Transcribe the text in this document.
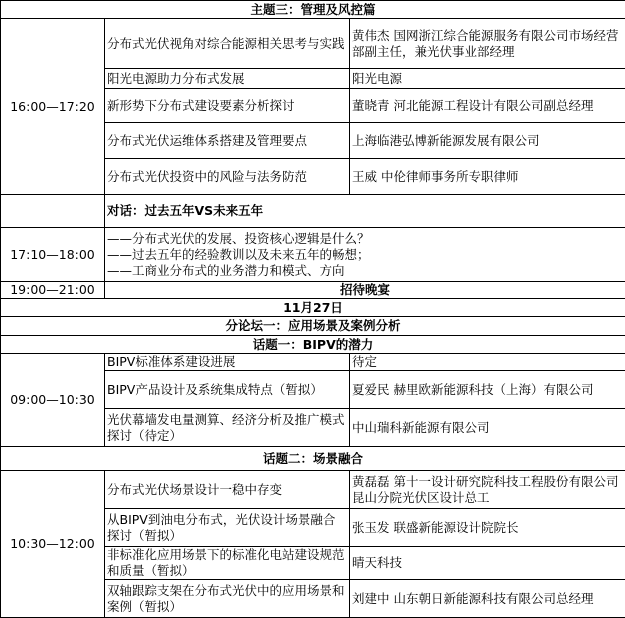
主题三：管理及风控篇		
16:00—17:20	分布式光伏视角对综合能源相关思考与实践	黄伟杰 国网浙江综合能源服务有限公司市场经营部副主任，兼光伏事业部经理
	阳光电源助力分布式发展	阳光电源
	新形势下分布式建设要素分析探讨	董晓青 河北能源工程设计有限公司副总经理
	分布式光伏运维体系搭建及管理要点	上海临港弘博新能源发展有限公司
	分布式光伏投资中的风险与法务防范	王威 中伦律师事务所专职律师
	对话：过去五年VS未来五年	
17:10—18:00	——分布式光伏的发展、投资核心逻辑是什么？
——过去五年的经验教训以及未来五年的畅想；
——工商业分布式的业务潜力和模式、方向	

19:00—21:00	招待晚宴	
11月27日		
分论坛一：应用场景及案例分析		
话题一：BIPV的潜力		
09:00—10:30	BIPV标准体系建设进展	待定
	BIPV产品设计及系统集成特点（暂拟）	夏爱民 赫里欧新能源科技（上海）有限公司
	光伏幕墙发电量测算、经济分析及推广模式探讨（待定）	中山瑞科新能源有限公司
话题二：场景融合		
10:30—12:00	分布式光伏场景设计一稳中存变	黄磊磊 第十一设计研究院科技工程股份有限公司昆山分院光伏区设计总工
	从BIPV到油电分布式，光伏设计场景融合探讨（暂拟）	张玉发 联盛新能源设计院院长
	非标准化应用场景下的标准化电站建设规范和质量（暂拟）	晴天科技
	双轴跟踪支架在分布式光伏中的应用场景和案例（暂拟）	刘建中 山东朝日新能源科技有限公司总经理
